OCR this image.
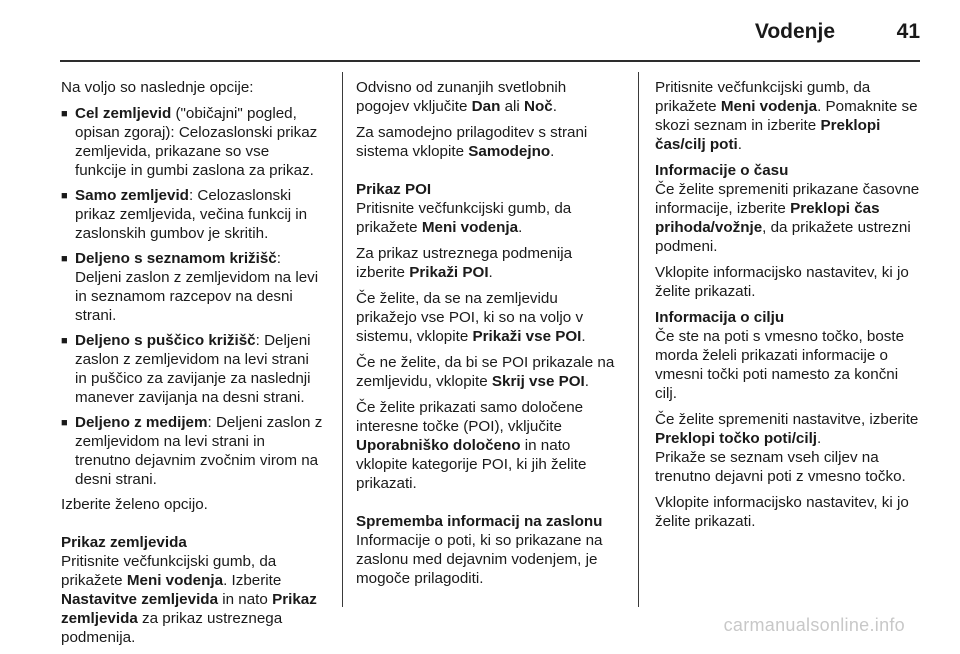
Vodenje	41

Na voljo so naslednje opcije:

■ Cel zemljevid ("običajni" pogled, opisan zgoraj): Celozaslonski prikaz zemljevida, prikazane so vse funkcije in gumbi zaslona za prikaz.
■ Samo zemljevid: Celozaslonski prikaz zemljevida, večina funkcij in zaslonskih gumbov je skritih.
■ Deljeno s seznamom križišč: Deljeni zaslon z zemljevidom na levi in seznamom razcepov na desni strani.
■ Deljeno s puščico križišč: Deljeni zaslon z zemljevidom na levi strani in puščico za zavijanje za naslednji manever zavijanja na desni strani.
■ Deljeno z medijem: Deljeni zaslon z zemljevidom na levi strani in trenutno dejavnim zvočnim virom na desni strani.

Izberite želeno opcijo.

Prikaz zemljevida

Pritisnite večfunkcijski gumb, da prikažete Meni vodenja. Izberite Nastavitve zemljevida in nato Prikaz zemljevida za prikaz ustreznega podmenija.

Odvisno od zunanjih svetlobnih pogojev vključite Dan ali Noč.

Za samodejno prilagoditev s strani sistema vklopite Samodejno.

Prikaz POI

Pritisnite večfunkcijski gumb, da prikažete Meni vodenja.

Za prikaz ustreznega podmenija izberite Prikaži POI.

Če želite, da se na zemljevidu prikažejo vse POI, ki so na voljo v sistemu, vklopite Prikaži vse POI.

Če ne želite, da bi se POI prikazale na zemljevidu, vklopite Skrij vse POI.

Če želite prikazati samo določene interesne točke (POI), vključite Uporabniško določeno in nato vklopite kategorije POI, ki jih želite prikazati.

Sprememba informacij na zaslonu

Informacije o poti, ki so prikazane na zaslonu med dejavnim vodenjem, je mogoče prilagoditi.

Pritisnite večfunkcijski gumb, da prikažete Meni vodenja. Pomaknite se skozi seznam in izberite Preklopi čas/cilj poti.

Informacije o času

Če želite spremeniti prikazane časovne informacije, izberite Preklopi čas prihoda/vožnje, da prikažete ustrezni podmeni.

Vklopite informacijsko nastavitev, ki jo želite prikazati.

Informacija o cilju

Če ste na poti s vmesno točko, boste morda želeli prikazati informacije o vmesni točki poti namesto za končni cilj.

Če želite spremeniti nastavitve, izberite Preklopi točko poti/cilj.
Prikaže se seznam vseh ciljev na trenutno dejavni poti z vmesno točko.

Vklopite informacijsko nastavitev, ki jo želite prikazati.

carmanualsonline.info
